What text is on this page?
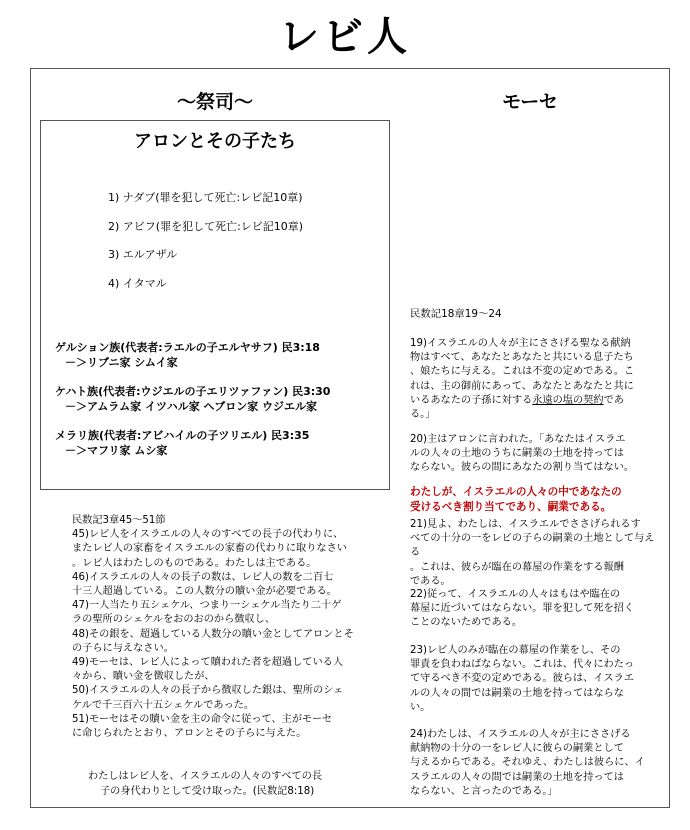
レビ人
〜祭司〜	モーセ
アロンとその子たち
1) ナダブ(罪を犯して死亡:レビ記10章)
2) アビフ(罪を犯して死亡:レビ記10章)
3) エルアザル
4) イタマル
ゲルション族(代表者:ラエルの子エルヤサフ) 民3:18
－＞リブニ家 シムイ家
ケハト族(代表者:ウジエルの子エリツァファン) 民3:30
－＞アムラム家 イツハル家 ヘブロン家 ウジエル家
メラリ族(代表者:アビハイルの子ツリエル) 民3:35
－＞マフリ家 ムシ家

民数記3章45〜51節

45)レビ人をイスラエルの人々のすべての長子の代わりに、

またレビ人の家畜をイスラエルの家畜の代わりに取りなさい

。レビ人はわたしのものである。わたしは主である。

46)イスラエルの人々の長子の数は、レビ人の数を二百七

十三人超過している。この人数分の贖い金が必要である。

47)一人当たり五シェケル、つまり一シェケル当たり二十ゲ

ラの聖所のシェケルをおのおのから徴収し、

48)その銀を、超過している人数分の贖い金としてアロンとそ

の子らに与えなさい。

49)モーセは、レビ人によって贖われた者を超過している人

々から、贖い金を徴収したが、

50)イスラエルの人々の長子から徴収した銀は、聖所のシェ

ケルで千三百六十五シェケルであった。

51)モーセはその贖い金を主の命令に従って、主がモーセ

に命じられたとおり、アロンとその子らに与えた。

わたしはレビ人を、イスラエルの人々のすべての長

子の身代わりとして受け取った。(民数記8:18)

民数記18章19〜24

19)イスラエルの人々が主にささげる聖なる献納

物はすべて、あなたとあなたと共にいる息子たち

、娘たちに与える。これは不変の定めである。こ

れは、主の御前にあって、あなたとあなたと共に

いるあなたの子孫に対する永遠の塩の契約であ

る。」

20)主はアロンに言われた。「あなたはイスラエ

ルの人々の土地のうちに嗣業の土地を持っては

ならない。彼らの間にあなたの割り当てはない。

わたしが、イスラエルの人々の中であなたの

受けるべき割り当てであり、嗣業である。

21)見よ、わたしは、イスラエルでささげられるす

べての十分の一をレビの子らの嗣業の土地として与える

。これは、彼らが臨在の幕屋の作業をする報酬

である。

22)従って、イスラエルの人々はもはや臨在の

幕屋に近づいてはならない。罪を犯して死を招く

ことのないためである。

23)レビ人のみが臨在の幕屋の作業をし、その

罪責を負わねばならない。これは、代々にわたっ

て守るべき不変の定めである。彼らは、イスラエ

ルの人々の間では嗣業の土地を持ってはならな

い。

24)わたしは、イスラエルの人々が主にささげる

献納物の十分の一をレビ人に彼らの嗣業として

与えるからである。それゆえ、わたしは彼らに、イ

スラエルの人々の間では嗣業の土地を持っては

ならない、と言ったのである。」
